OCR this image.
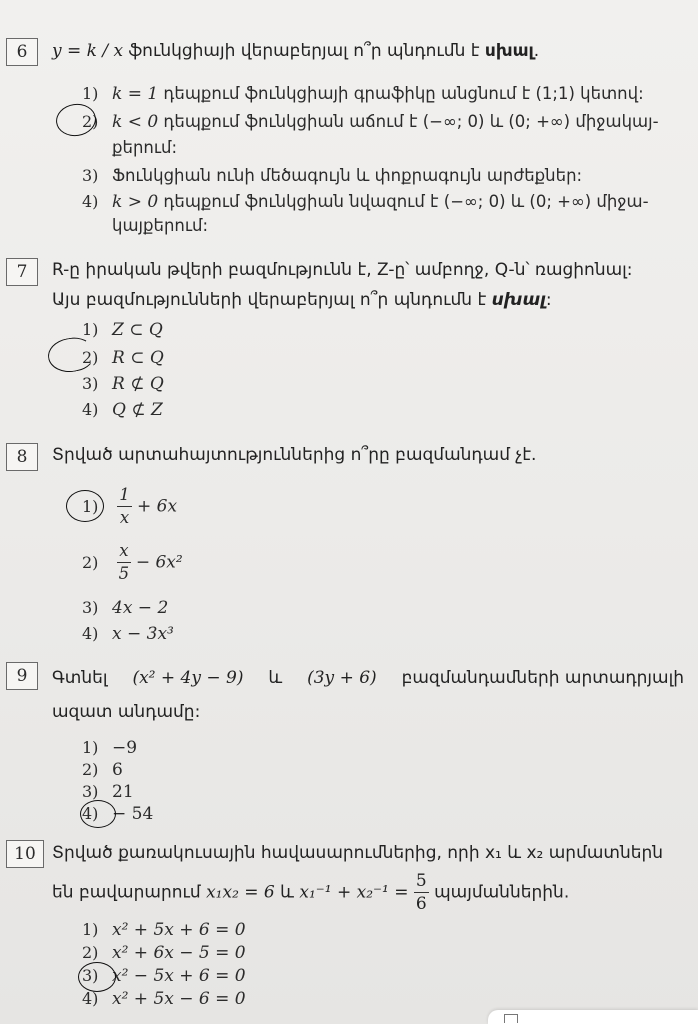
6 y = k / x ֆունկցիայի վերաբերյալ ո՞ր պնդումն է սխալ.
1) k = 1 դեպքում ֆունկցիայի գրաֆիկը անցնում է (1;1) կետով:
2) k < 0 դեպքում ֆունկցիան աճում է (−∞; 0) և (0; +∞) միջակայ-
քերում:
3) Ֆունկցիան ունի մեծագույն և փոքրագույն արժեքներ:
4) k > 0 դեպքում ֆունկցիան նվազում է (−∞; 0) և (0; +∞) միջա-
կայքերում:
7 R-ը իրական թվերի բազմությունն է, Z-ը՝ ամբողջ, Q-ն՝ ռացիոնալ:
Այս բազմությունների վերաբերյալ ո՞ր պնդումն է սխալ:
1) Z ⊂ Q
2) R ⊂ Q
3) R ⊄ Q
4) Q ⊄ Z
8 Տրված արտահայտություններից ո՞րը բազմանդամ չէ.
$1) \frac{1}{x} + 6x$
$2) \frac{x}{5} - 6x^2$
3) 4x − 2
4) x − 3x³
9 Գտնել (x² + 4y − 9) և (3y + 6) բազմանդամների արտադրյալի
ազատ անդամը:
1) −9
2) 6
3) 21
4) − 54
10 Տրված քառակուսային հավասարումներից, որի x₁ և x₂ արմատներն
են բավարարում x₁x₂ = 6 և $x_1^{-1} + x_2^{-1} = \frac{5}{6}$ պայմաններին.
1) x² + 5x + 6 = 0
2) x² + 6x − 5 = 0
3) x² − 5x + 6 = 0
4) x² + 5x − 6 = 0
